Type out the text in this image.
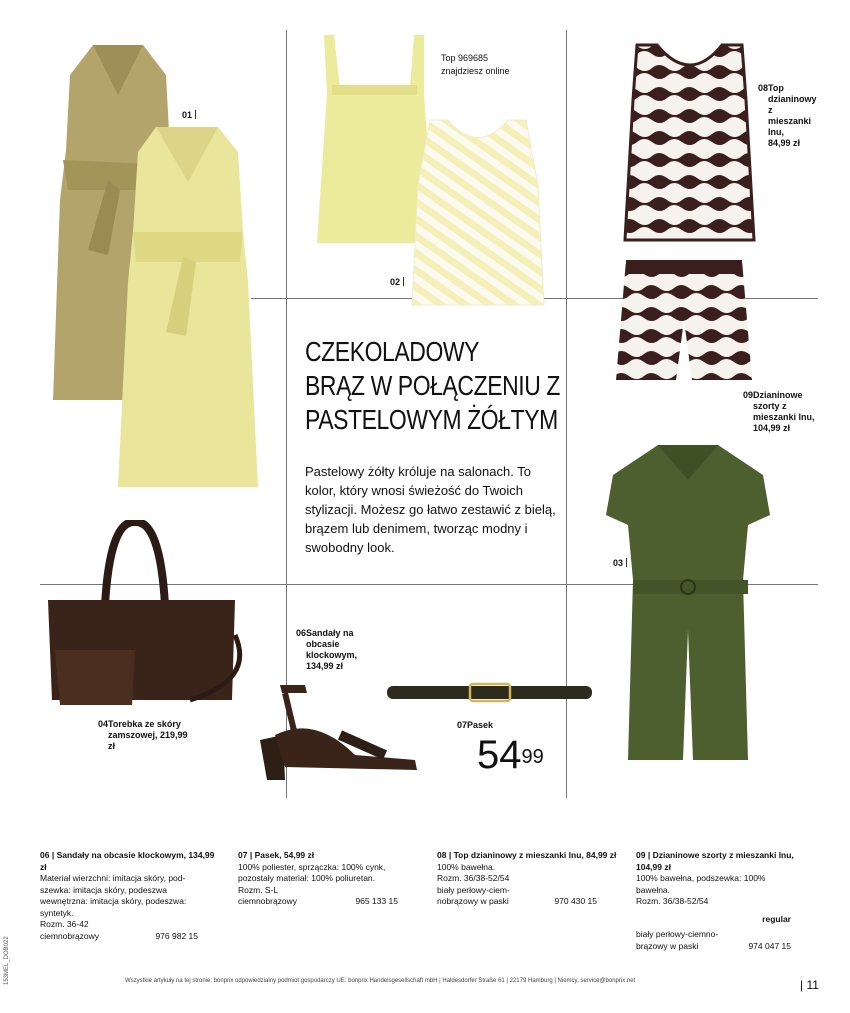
01
02
03
Top 969685
znajdziesz online
08 Top dzianinowy z mieszanki lnu, 84,99 zł
09 Dzianinowe szorty z mieszanki lnu, 104,99 zł
06 Sandały na obcasie klockowym, 134,99 zł
04 Torebka ze skóry zamszowej, 219,99 zł
07Pasek
CZEKOLADOWY
BRĄZ W POŁĄCZENIU Z
PASTELOWYM ŻÓŁTYM
Pastelowy żółty króluje na salonach. To kolor, który wnosi świeżość do Twoich stylizacji. Możesz go łatwo zestawić z bielą, brązem lub denimem, tworząc modny i swobodny look.
$54^{99}$
06 | Sandały na obcasie klockowym, 134,99 zł
Materiał wierzchni: imitacja skóry, pod-
szewka: imitacja skóry, podeszwa
wewnętrzna: imitacja skóry, podeszwa:
syntetyk.
Rozm. 36-42
ciemnobrązowy	976 982 15
07 | Pasek, 54,99 zł
100% poliester, sprzączka: 100% cynk,
pozostały materiał: 100% poliuretan.
Rozm. S-L
ciemnobrązowy	965 133 15
08 | Top dzianinowy z mieszanki lnu, 84,99 zł
100% bawełna.
Rozm. 36/38-52/54
biały perłowy-ciem-
nobrązowy w paski	970 430 15
09 | Dzianinowe szorty z mieszanki lnu, 104,99 zł
100% bawełna, podszewka: 100%
bawełna.
Rozm. 36/38-52/54
regular
biały perłowy-ciemno-
brązowy w paski	974 047 15
Wszystkie artykuły na tej stronie: bonprix odpowiedzialny podmiot gospodarczy UE: bonprix Handelsgesellschaft mbH | Haldesdorfer Straße 61 | 22179 Hamburg | Niemcy, service@bonprix.net	| 11
153MEL_DOB022
